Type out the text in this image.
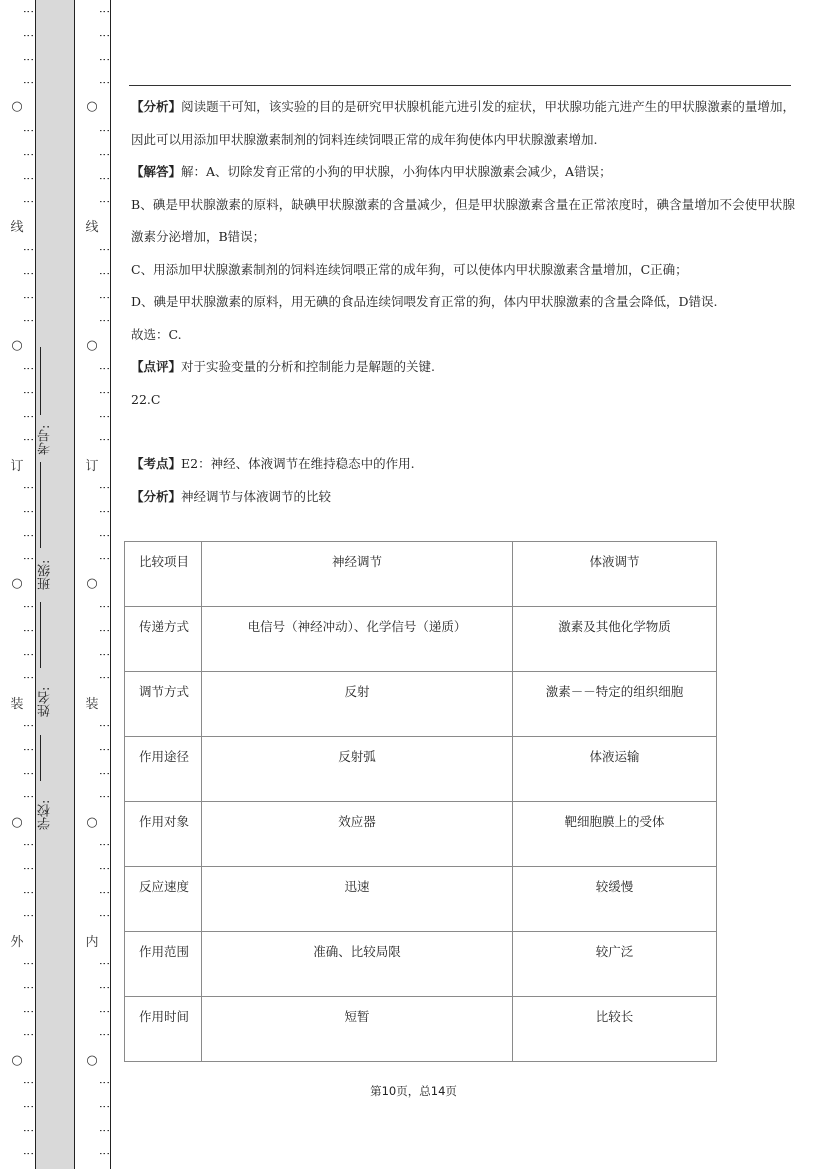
⋮
⋮
⋮
⋮
⋮
⋮
⋮
⋮
⋮
⋮
⋮
⋮
⋮
⋮
⋮
⋮
⋮
⋮
⋮
⋮
⋮
⋮
⋮
⋮
⋮
⋮
⋮
⋮
⋮
⋮
⋮
⋮
⋮
⋮
⋮
⋮
⋮
⋮
⋮
⋮
○
○
○
○
○
线
订
装
外
学校:
姓名:
班级:
考号:
⋮
⋮
⋮
⋮
⋮
⋮
⋮
⋮
⋮
⋮
⋮
⋮
⋮
⋮
⋮
⋮
⋮
⋮
⋮
⋮
⋮
⋮
⋮
⋮
⋮
⋮
⋮
⋮
⋮
⋮
⋮
⋮
⋮
⋮
⋮
⋮
⋮
⋮
⋮
⋮
○
○
○
○
○
线
订
装
内

【分析】阅读题干可知，该实验的目的是研究甲状腺机能亢进引发的症状，甲状腺功能亢进产生的甲状腺激素的量增加，因此可以用添加甲状腺激素制剂的饲料连续饲喂正常的成年狗使体内甲状腺激素增加.

【解答】解：A、切除发育正常的小狗的甲状腺，小狗体内甲状腺激素会减少，A错误；

B、碘是甲状腺激素的原料，缺碘甲状腺激素的含量减少，但是甲状腺激素含量在正常浓度时，碘含量增加不会使甲状腺激素分泌增加，B错误；

C、用添加甲状腺激素制剂的饲料连续饲喂正常的成年狗，可以使体内甲状腺激素含量增加，C正确；

D、碘是甲状腺激素的原料，用无碘的食品连续饲喂发育正常的狗，体内甲状腺激素的含量会降低，D错误.

故选：C.

【点评】对于实验变量的分析和控制能力是解题的关键.

22.C

【考点】E2：神经、体液调节在维持稳态中的作用.

【分析】神经调节与体液调节的比较

比较项目	神经调节	体液调节
传递方式	电信号（神经冲动）、化学信号（递质）	激素及其他化学物质
调节方式	反射	激素－－特定的组织细胞
作用途径	反射弧	体液运输
作用对象	效应器	靶细胞膜上的受体
反应速度	迅速	较缓慢
作用范围	准确、比较局限	较广泛
作用时间	短暂	比较长
第10页，总14页
